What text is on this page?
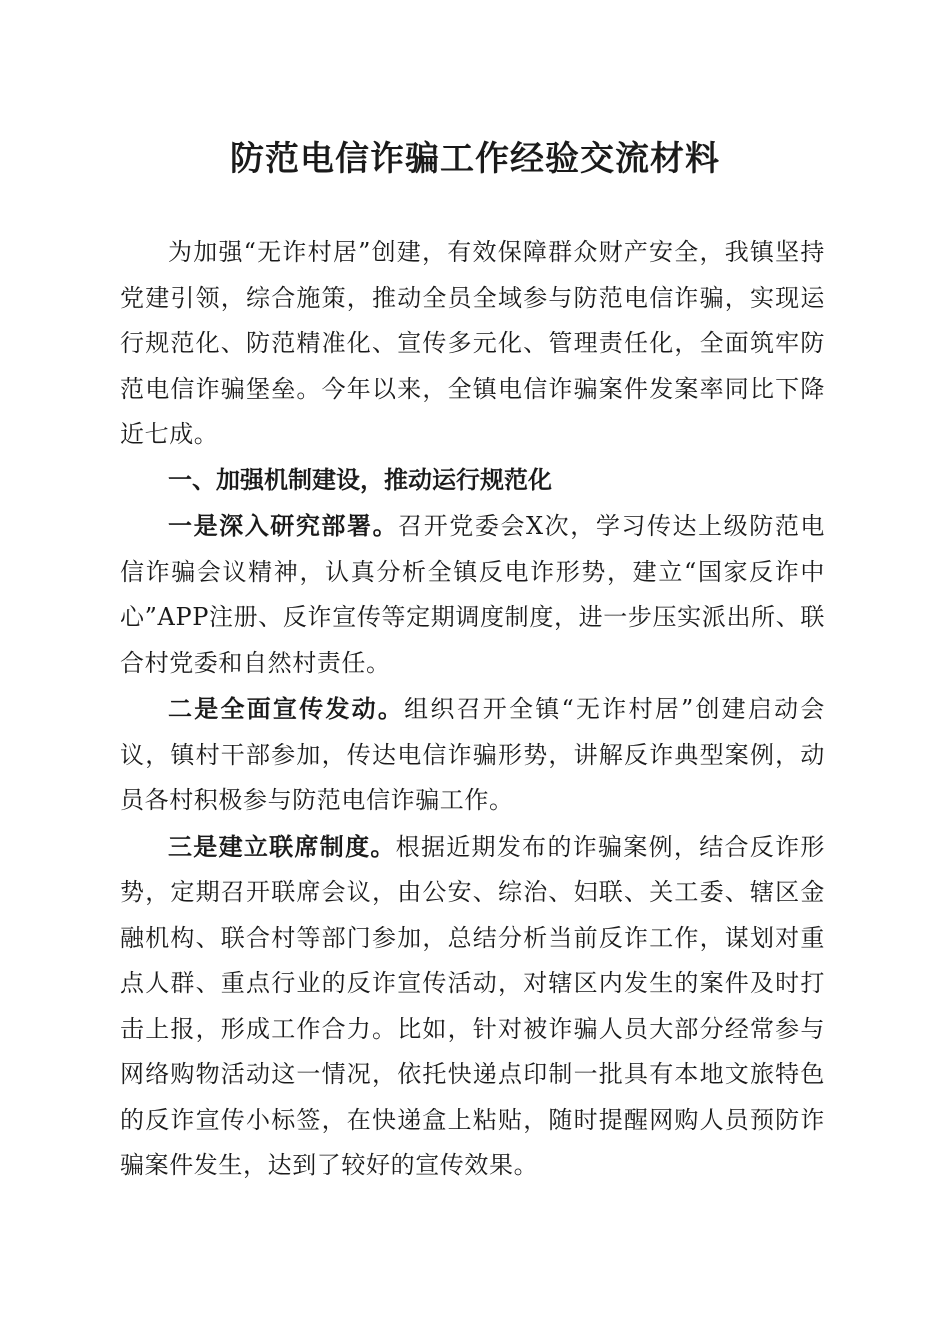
防范电信诈骗工作经验交流材料

为加强“无诈村居”创建，有效保障群众财产安全，我镇坚持党建引领，综合施策，推动全员全域参与防范电信诈骗，实现运行规范化、防范精准化、宣传多元化、管理责任化，全面筑牢防范电信诈骗堡垒。今年以来，全镇电信诈骗案件发案率同比下降近七成。

一、加强机制建设，推动运行规范化

一是深入研究部署。召开党委会X次，学习传达上级防范电信诈骗会议精神，认真分析全镇反电诈形势，建立“国家反诈中心”APP注册、反诈宣传等定期调度制度，进一步压实派出所、联合村党委和自然村责任。

二是全面宣传发动。组织召开全镇“无诈村居”创建启动会议，镇村干部参加，传达电信诈骗形势，讲解反诈典型案例，动员各村积极参与防范电信诈骗工作。

三是建立联席制度。根据近期发布的诈骗案例，结合反诈形势，定期召开联席会议，由公安、综治、妇联、关工委、辖区金融机构、联合村等部门参加，总结分析当前反诈工作，谋划对重点人群、重点行业的反诈宣传活动，对辖区内发生的案件及时打击上报，形成工作合力。比如，针对被诈骗人员大部分经常参与网络购物活动这一情况，依托快递点印制一批具有本地文旅特色的反诈宣传小标签，在快递盒上粘贴，随时提醒网购人员预防诈骗案件发生，达到了较好的宣传效果。
